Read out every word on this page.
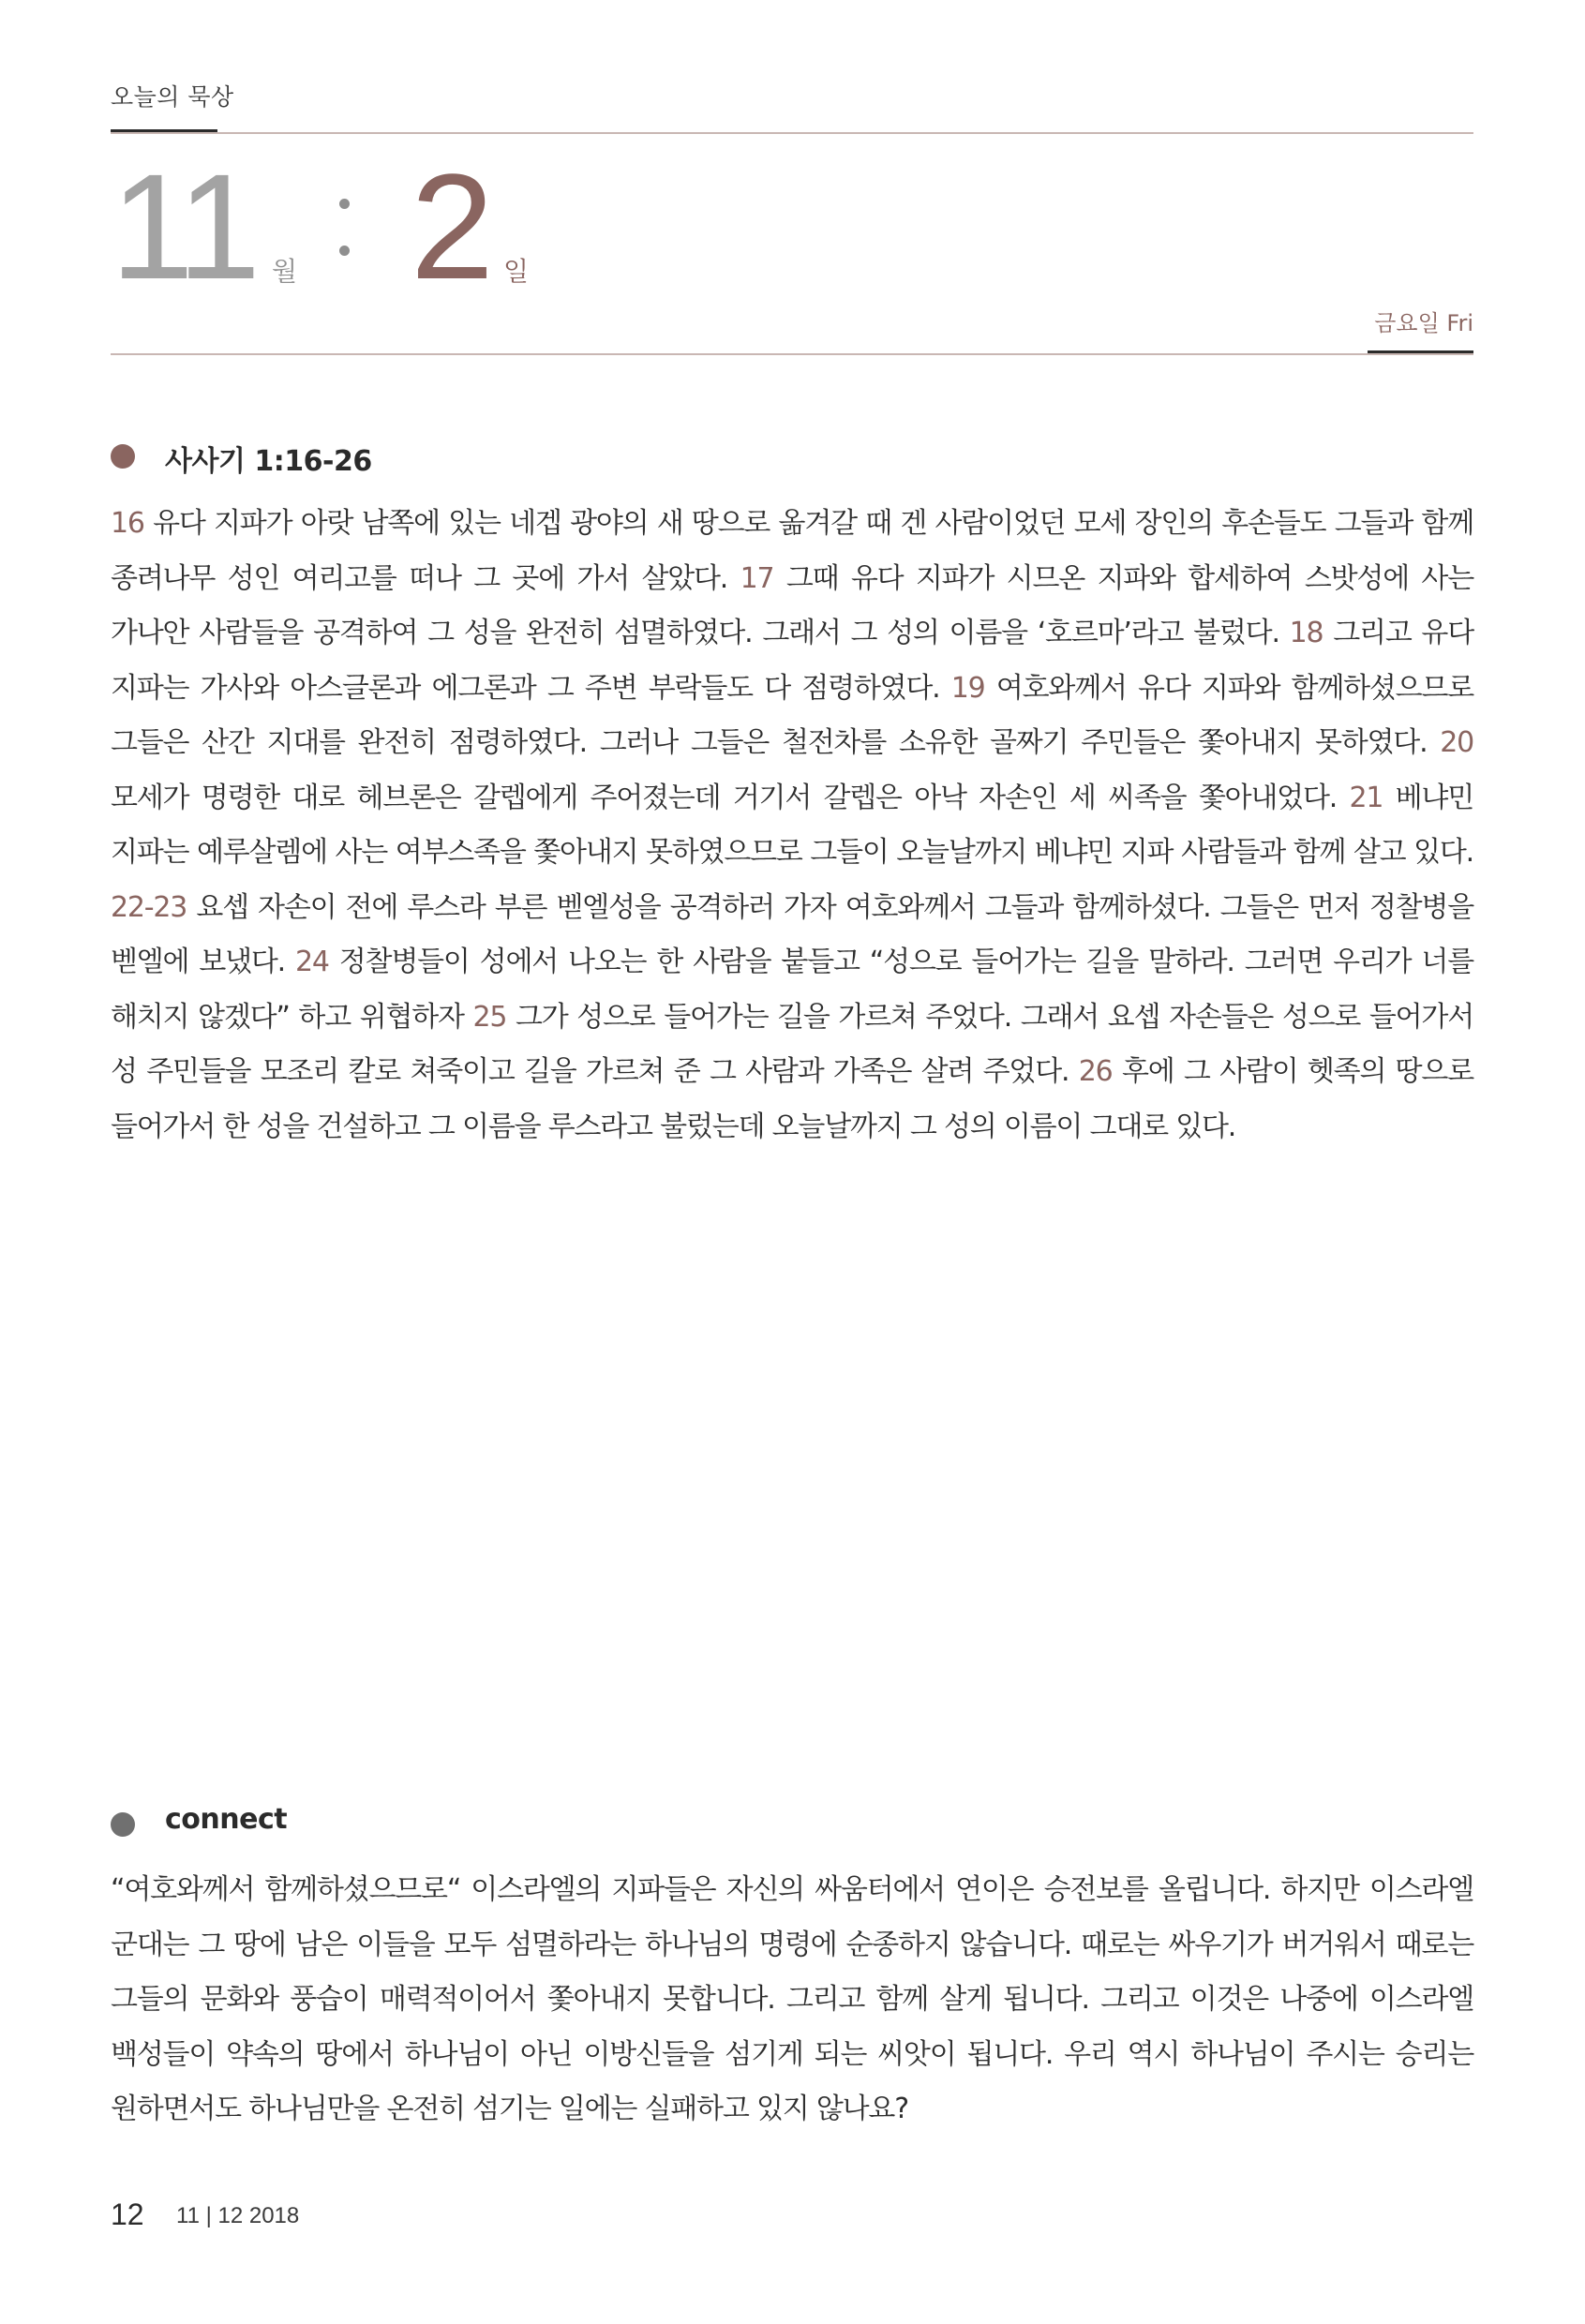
오늘의 묵상
11 월 2 일
금요일 Fri
사사기 1:16-26
16 유다 지파가 아랏 남쪽에 있는 네겝 광야의 새 땅으로 옮겨갈 때 겐 사람이었던 모세 장인의 후손들도 그들과 함께 종려나무 성인 여리고를 떠나 그 곳에 가서 살았다. 17 그때 유다 지파가 시므온 지파와 합세하여 스밧성에 사는 가나안 사람들을 공격하여 그 성을 완전히 섬멸하였다. 그래서 그 성의 이름을 ‘호르마’라고 불렀다. 18 그리고 유다 지파는 가사와 아스글론과 에그론과 그 주변 부락들도 다 점령하였다. 19 여호와께서 유다 지파와 함께하셨으므로 그들은 산간 지대를 완전히 점령하였다. 그러나 그들은 철전차를 소유한 골짜기 주민들은 쫓아내지 못하였다. 20 모세가 명령한 대로 헤브론은 갈렙에게 주어졌는데 거기서 갈렙은 아낙 자손인 세 씨족을 쫓아내었다. 21 베냐민 지파는 예루살렘에 사는 여부스족을 쫓아내지 못하였으므로 그들이 오늘날까지 베냐민 지파 사람들과 함께 살고 있다. 22-23 요셉 자손이 전에 루스라 부른 벧엘성을 공격하러 가자 여호와께서 그들과 함께하셨다. 그들은 먼저 정찰병을 벧엘에 보냈다. 24 정찰병들이 성에서 나오는 한 사람을 붙들고 “성으로 들어가는 길을 말하라. 그러면 우리가 너를 해치지 않겠다” 하고 위협하자 25 그가 성으로 들어가는 길을 가르쳐 주었다. 그래서 요셉 자손들은 성으로 들어가서 성 주민들을 모조리 칼로 쳐죽이고 길을 가르쳐 준 그 사람과 가족은 살려 주었다. 26 후에 그 사람이 헷족의 땅으로 들어가서 한 성을 건설하고 그 이름을 루스라고 불렀는데 오늘날까지 그 성의 이름이 그대로 있다.
connect
“여호와께서 함께하셨으므로“ 이스라엘의 지파들은 자신의 싸움터에서 연이은 승전보를 올립니다. 하지만 이스라엘 군대는 그 땅에 남은 이들을 모두 섬멸하라는 하나님의 명령에 순종하지 않습니다. 때로는 싸우기가 버거워서 때로는 그들의 문화와 풍습이 매력적이어서 쫓아내지 못합니다. 그리고 함께 살게 됩니다. 그리고 이것은 나중에 이스라엘 백성들이 약속의 땅에서 하나님이 아닌 이방신들을 섬기게 되는 씨앗이 됩니다. 우리 역시 하나님이 주시는 승리는 원하면서도 하나님만을 온전히 섬기는 일에는 실패하고 있지 않나요?
12 11 | 12 2018
